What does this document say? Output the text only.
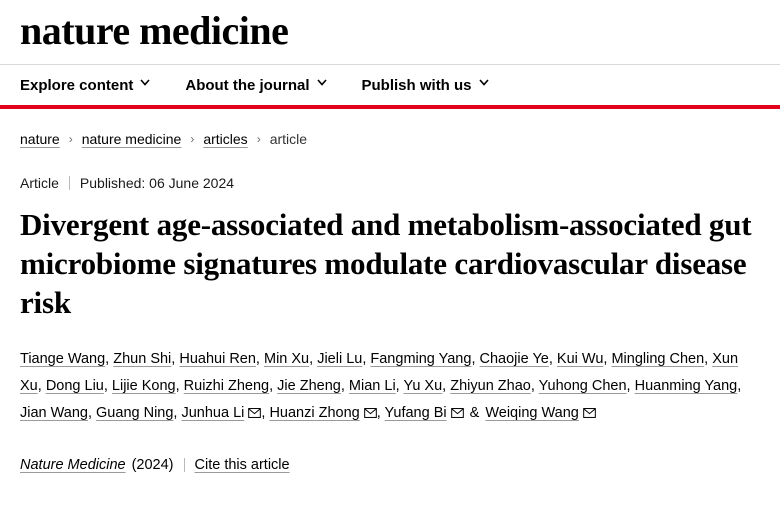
nature medicine
Explore content	About the journal	Publish with us
nature › nature medicine › articles › article
Article Published: 06 June 2024
Divergent age-associated and metabolism-associated gut microbiome signatures modulate cardiovascular disease risk
Tiange Wang, Zhun Shi, Huahui Ren, Min Xu, Jieli Lu, Fangming Yang, Chaojie Ye, Kui Wu, Mingling Chen, Xun Xu, Dong Liu, Lijie Kong, Ruizhi Zheng, Jie Zheng, Mian Li, Yu Xu, Zhiyun Zhao, Yuhong Chen, Huanming Yang, Jian Wang, Guang Ning, Junhua Li , Huanzi Zhong , Yufang Bi
& Weiqing Wang
Nature Medicine (2024) Cite this article
